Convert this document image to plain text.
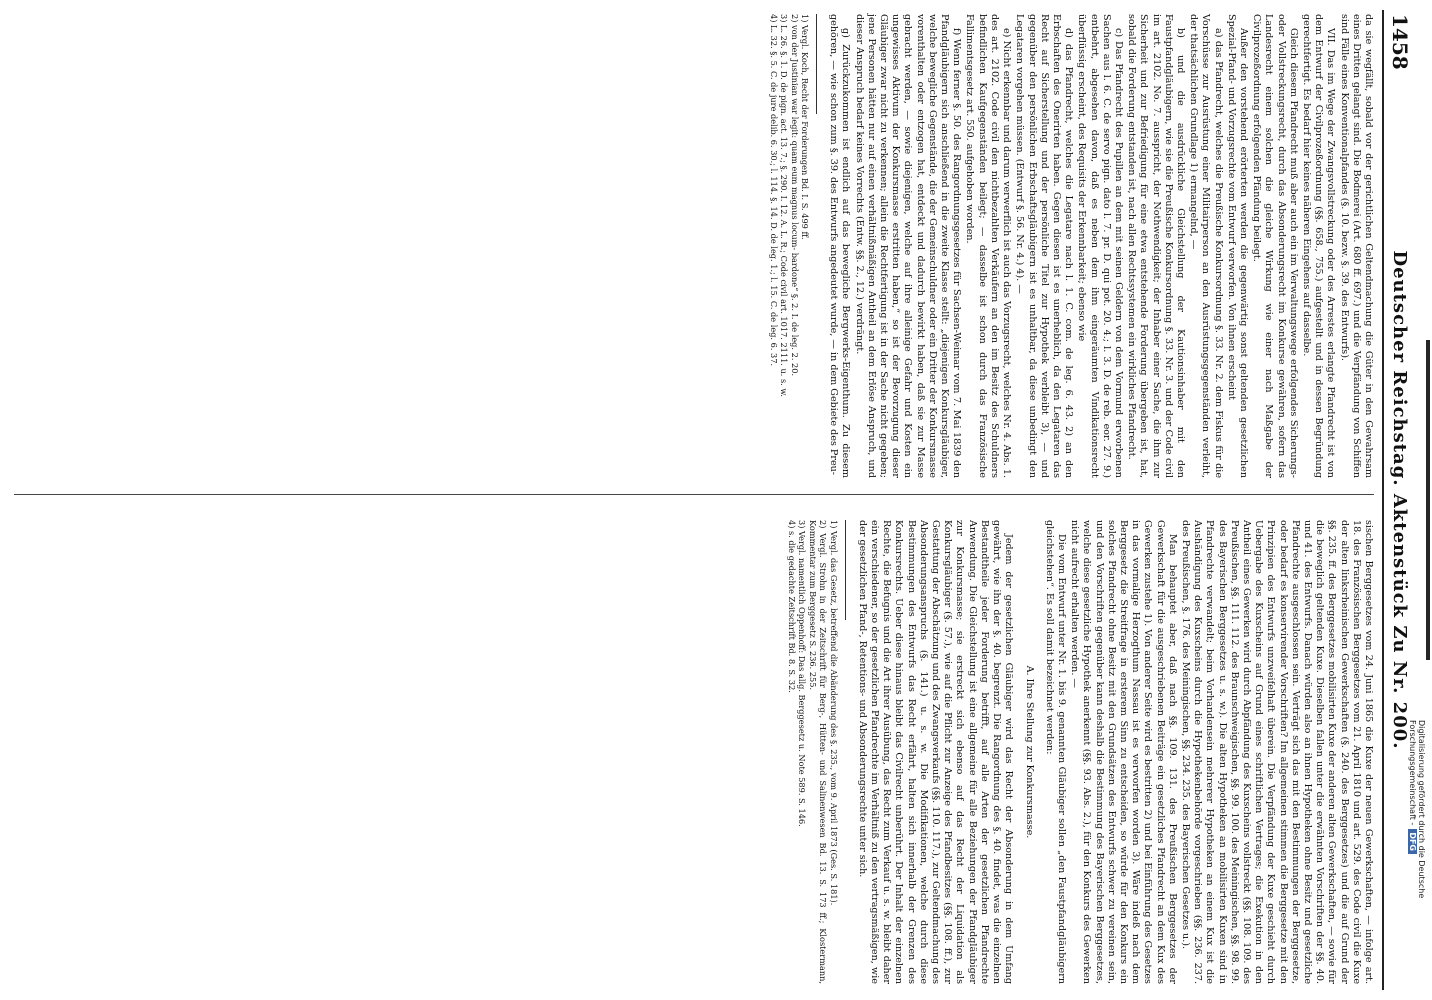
Digitalisierung gefördert durch die Deutsche Forschungsgemeinschaft -DFG
1458
Deutscher Reichstag. Aktenstück Zu Nr. 200.

da sie wegfällt, sobald vor der gerichtlichen Geltendmachung die Güter in den Gewahrsam eines Dritten gelangt sind. Die Bodmerei (Art. 680 ff. 697.) und die Verpfändung von Schiffen sind Fälle eines Konventionalpfandes (§. 10. bezw. §. 39. des Entwurfs).

VII. Das im Wege der Zwangsvollstreckung oder des Arrestes erlangte Pfandrecht ist von dem Entwurf der Civilprozeßordnung (§§. 658., 755.) aufgestellt und in dessen Begründung gerechtfertigt. Es bedarf hier keines näheren Eingehens auf dasselbe.

Gleich diesem Pfandrecht muß aber auch ein im Verwaltungswege erfolgendes Sicherungs- oder Vollstreckungsrecht, durch das Absonderungsrecht im Konkurse gewähren, sofern das Landesrecht einem solchen die gleiche Wirkung wie einer nach Maßgabe der Civilprozeßordnung erfolgenden Pfändung beilegt.

Außer den vorstehend erörterten werden die gegenwärtig sonst geltenden gesetzlichen Spezial-Pfand- und Vorzugsrechte vom Entwurf verworfen. Von ihnen erscheint

a) das Pfandrecht, welches die Preußische Konkursordnung §. 33. Nr. 2. dem Fiskus für die Vorschüsse zur Ausrüstung einer Militairperson an den Ausrüstungsgegenständen verleiht, der thatsächlichen Grundlage 1) ermangelnd, —

b) und die ausdrückliche Gleichstellung der Kautionsinhaber mit den Faustpfandgläubigern, wie sie die Preußische Konkursordnung §. 33. Nr. 3. und der Code civil im art. 2102. No. 7. ausspricht, der Nothwendigkeit; der Inhaber einer Sache, die ihm zur Sicherheit und zur Befriedigung für eine etwa entstehende Forderung übergeben ist, hat, sobald die Forderung entstanden ist, nach allen Rechtssystemen ein wirkliches Pfandrecht.

c) Das Pfandrecht des Pupillen an dem mit seinen Geldern von dem Vormund erworbenen Sachen aus l. 6. C. de servo pign. dato l. 7. pr. D. qui pot. 20. 4.; l. 3. D. de reb. eor. 27. 9.) entbehrt, abgesehen davon, daß es neben dem ihm eingeräumten Vindikationsrecht überflüssig erscheint, des Requisits der Erkennbarkeit; ebenso wie

d) das Pfandrecht, welches die Legatare nach l. 1. C. com. de leg. 6. 43. 2) an den Erbschaften des Onerirten haben. Gegen diesen ist es unerheblich, da den Legataren das Recht auf Sicherstellung und der persönliche Titel zur Hypothek verbleibt 3), — und gegenüber den persönlichen Erbschaftsgläubigern ist es unhaltbar, da diese unbedingt den Legataren vorgehen müssen. (Entwurf §. 56. Nr. 4.) 4). —

e) Nicht erkennbar und darum verwerflich ist auch das Vorzugsrecht, welches Nr. 4. Abs. 1. des art. 2102. Code civil den nichtbezahlten Verkäufern an den im Besitz des Schuldners befindlichen Kaufgegenständen beilegt; — dasselbe ist schon durch das Französische Fallimentsgesetz art. 550. aufgehoben worden.

f) Wenn ferner §. 50. des Rangordnungsgesetzes für Sachsen-Weimar vom 7. Mai 1839 den Pfandgläubigern sich anschließend in die zweite Klasse stellt: „diejenigen Konkursgläubiger, welche bewegliche Gegenstände, die der Gemeinschuldner oder ein Dritter der Konkursmasse vorenthalten oder entzogen hat, entdeckt und dadurch bewirkt haben, daß sie zur Masse gebracht werden, — sowie diejenigen, welche auf ihre alleinige Gefahr und Kosten ein ungewisses Aktivum der Konkursmasse erstritten haben,“ so ist der Bevorzugung dieser Gläubiger zwar nicht zu verkennen; allein die Rechtfertigung ist in der Sache nicht gegeben; jene Personen hätten nur auf einen verhältnißmäßigen Antheil an dem Erlöse Anspruch, und dieser Anspruch bedarf keines Vorrechts (Entw. §§. 2., 12.) verdrängt.

g) Zurückzukommen ist endlich auf das bewegliche Bergwerks-Eigenthum. Zu diesem gehören, — wie schon zum §. 39. des Entwurfs angedeutet wurde, — in dem Gebiete des Preu-

1) Vergl. Koch, Recht der Forderungen Bd. I. S. 499 ff.

2) von der Justinian war legit: quam eum magnus locum- bardone“ §. 2. I. de leg. 2. 20.

3) L. 26. §. 1. D. de pign. act. 13. 7.; §. 290. I. 12. A. L. R.; Code civil art. 1017. 2111. u. s. w.

4) L. 32. §. 5. C. de jure delib. 6. 30.; l. 114. §. 14. D. de leg. 1.; l. 15. C. de leg. 6. 37.

sischen Berggesetzes vom 24. Juni 1865 die Kuxe der neuen Gewerkschaften, — infolge art. 18. des Französischen Berggesetzes vom 21. April 1810 und art. 529. des Code civil die Kuxe der alten linksrheinischen Gewerkschaften (§. 240. des Berggesetzes) und die auf Grund der §§. 235. ff. des Berggesetzes mobilisirten Kuxe der anderen alten Gewerkschaften, — sowie für die beweglich geltenden Kuxe. Dieselben fallen unter die erwähnten Vorschriften der §§. 40. und 41. des Entwurfs. Danach würden also an ihnen Hypotheken ohne Besitz und gesetzliche Pfandrechte ausgeschlossen sein. Verträgt sich das mit den Bestimmungen der Berggesetze, oder bedarf es konservirender Vorschriften? Im allgemeinen stimmen die Berggesetze mit den Prinzipien des Entwurfs unzweifelhaft überein. Die Verpfändung der Kuxe geschieht durch Uebergabe des Kuxscheins auf Grund eines schriftlichen Vertrages; die Exekution in den Antheil eines Gewerken wird durch Abpfändung des Kuxscheins vollstreckt (§§. 108. 109. des Preußischen, §§. 111. 112. des Braunschweigischen, §§. 99. 100. des Meiningischen, §§. 98. 99. des Bayerischen Berggesetzes u. s. w.). Die alten Hypotheken an mobilisirten Kuxen sind in Pfandrechte verwandelt; beim Vorhandensein mehrerer Hypotheken an einem Kux ist die Aushändigung des Kuxscheins durch die Hypothekenbehörde vorgeschrieben (§§. 236. 237. des Preußischen, §. 176. des Meiningischen, §§. 234. 235. des Bayerischen Gesetzes u.).

Man behauptet aber, daß nach §§. 109. 131. des Preußischen Berggesetzes der Gewerkschaft für die ausgeschriebenen Beiträge ein gesetzliches Pfandrecht an dem Kux des Gewerken zustehe 1). Von anderer Seite wird es bestritten 2) und bei Einführung des Gesetzes in das vormalige Herzogthum Nassau ist es verworfen worden 3). Wäre indeß nach dem Berggesetz die Streitfrage in ersterem Sinn zu entscheiden, so würde für den Konkurs ein solches Pfandrecht ohne Besitz mit den Grundsätzen des Entwurfs schwer zu vereinen sein, und den Vorschriften gegenüber kann deshalb die Bestimmung des Bayerischen Berggesetzes, welche diese gesetzliche Hypothek anerkennt (§§. 93. Abs. 2.), für den Konkurs des Gewerken nicht aufrecht erhalten werden. —

Die vom Entwurf unter Nr. 1. bis 9. genannten Gläubiger sollen „den Faustpfandgläubigern gleichstehen“. Es soll damit bezeichnet werden:

A. Ihre Stellung zur Konkursmasse.

Jedem der gesetzlichen Gläubiger wird das Recht der Absonderung in dem Umfang gewährt, wie ihn der §. 40. begrenzt. Die Rangordnung des §. 40. findet, was die einzelnen Bestandtheile jeder Forderung betrifft, auf alle Arten der gesetzlichen Pfandrechte Anwendung. Die Gleichstellung ist eine allgemeine für alle Beziehungen der Pfandgläubiger zur Konkursmasse; sie erstreckt sich ebenso auf das Recht der Liquidation als Konkursgläubiger (§. 57.), wie auf die Pflicht zur Anzeige des Pfandbesitzes (§§. 108. ff.), zur Gestattung der Abschätzung und des Zwangsverkaufs (§§. 110. 117.), zur Geltendmachung des Absonderungsanspruchs (§. 141.) u. s. w. Die Modifikationen, welche durch diese Bestimmungen des Entwurfs das Recht erfährt, halten sich innerhalb der Grenzen des Konkursrechts. Ueber diese hinaus bleibt das Civilrecht unberührt. Der Inhalt der einzelnen Rechte, die Befugnis und die Art ihrer Ausübung, das Recht zum Verkauf u. s. w. bleibt daher ein verschiedener, so der gesetzlichen Pfandrechte im Verhältniß zu den vertragsmäßigen, wie der gesetzlichen Pfand-, Retentions- und Absonderungsrechte unter sich.

1) Vergl. das Gesetz, betreffend die Abänderung des §. 235., vom 9. April 1873 (Ges. S. 181).

2) Vergl. Strohn in der Zeitschrift für Berg-, Hütten- und Salinenwesen Bd. 13. S. 173 ff.; Klostermann, Kommentar zum Berggesetz S. 236. 255.

3) Vergl. namentlich Oppenhoff: Das allg. Berggesetz u. Note 589. S. 146.

4) s. die gedachte Zeitschrift Bd. 8. S. 32.
